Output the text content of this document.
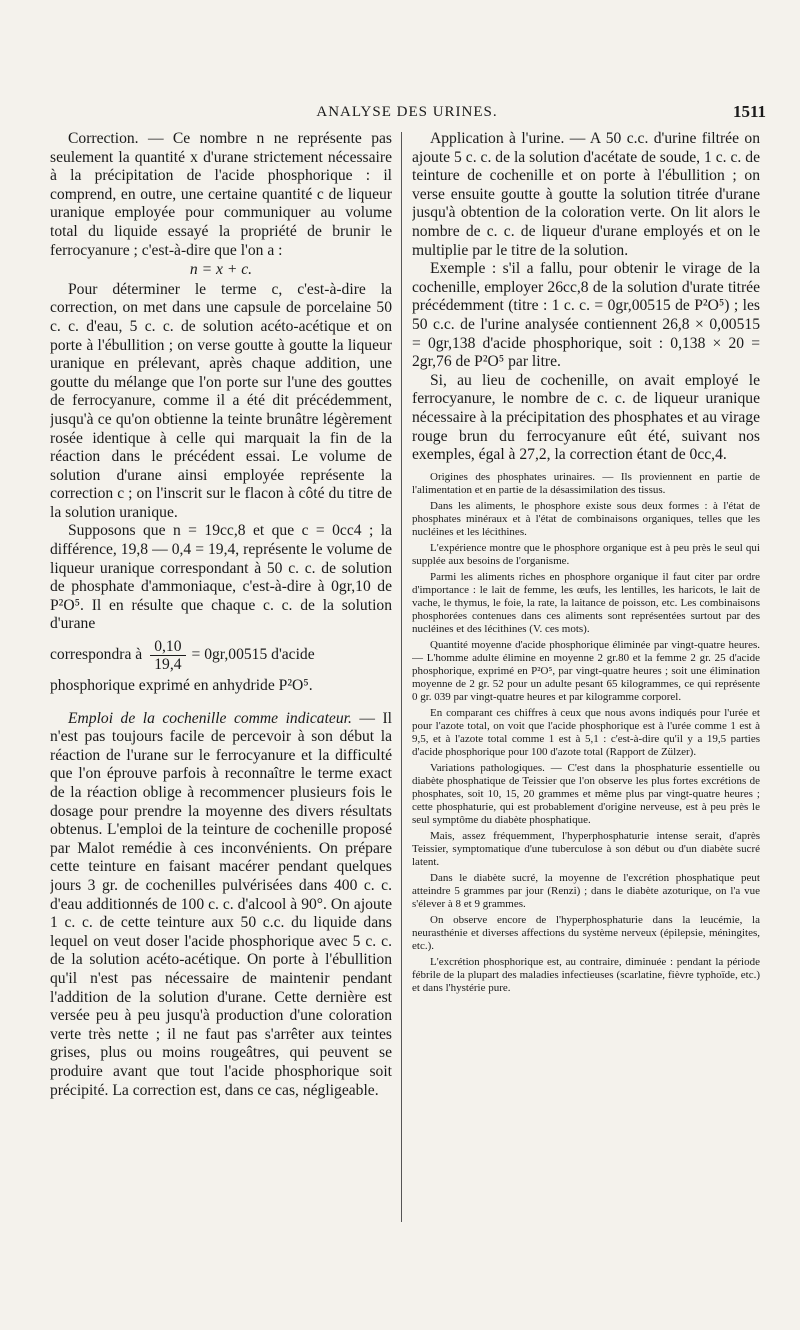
ANALYSE DES URINES.	1511

Correction. — Ce nombre n ne représente pas seulement la quantité x d'urane strictement nécessaire à la précipitation de l'acide phosphorique : il comprend, en outre, une certaine quantité c de liqueur uranique employée pour communiquer au volume total du liquide essayé la propriété de brunir le ferrocyanure ; c'est-à-dire que l'on a :

n = x + c.

Pour déterminer le terme c, c'est-à-dire la correction, on met dans une capsule de porcelaine 50 c. c. d'eau, 5 c. c. de solution acéto-acétique et on porte à l'ébullition ; on verse goutte à goutte la liqueur uranique en prélevant, après chaque addition, une goutte du mélange que l'on porte sur l'une des gouttes de ferrocyanure, comme il a été dit précédemment, jusqu'à ce qu'on obtienne la teinte brunâtre légèrement rosée identique à celle qui marquait la fin de la réaction dans le précédent essai. Le volume de solution d'urane ainsi employée représente la correction c ; on l'inscrit sur le flacon à côté du titre de la solution uranique.

Supposons que n = 19cc,8 et que c = 0cc4 ; la différence, 19,8 — 0,4 = 19,4, représente le volume de liqueur uranique correspondant à 50 c. c. de solution de phosphate d'ammoniaque, c'est-à-dire à 0gr,10 de P²O⁵. Il en résulte que chaque c. c. de la solution d'urane

correspondra à $\frac{0,10}{19,4} = 0gr,00515$ d'acide

phosphorique exprimé en anhydride P²O⁵.

Emploi de la cochenille comme indicateur. — Il n'est pas toujours facile de percevoir à son début la réaction de l'urane sur le ferrocyanure et la difficulté que l'on éprouve parfois à reconnaître le terme exact de la réaction oblige à recommencer plusieurs fois le dosage pour prendre la moyenne des divers résultats obtenus. L'emploi de la teinture de cochenille proposé par Malot remédie à ces inconvénients. On prépare cette teinture en faisant macérer pendant quelques jours 3 gr. de cochenilles pulvérisées dans 400 c. c. d'eau additionnés de 100 c. c. d'alcool à 90°. On ajoute 1 c. c. de cette teinture aux 50 c.c. du liquide dans lequel on veut doser l'acide phosphorique avec 5 c. c. de la solution acéto-acétique. On porte à l'ébullition qu'il n'est pas nécessaire de maintenir pendant l'addition de la solution d'urane. Cette dernière est versée peu à peu jusqu'à production d'une coloration verte très nette ; il ne faut pas s'arrêter aux teintes grises, plus ou moins rougeâtres, qui peuvent se produire avant que tout l'acide phosphorique soit précipité. La correction est, dans ce cas, négligeable.

Application à l'urine. — A 50 c.c. d'urine filtrée on ajoute 5 c. c. de la solution d'acétate de soude, 1 c. c. de teinture de cochenille et on porte à l'ébullition ; on verse ensuite goutte à goutte la solution titrée d'urane jusqu'à obtention de la coloration verte. On lit alors le nombre de c. c. de liqueur d'urane employés et on le multiplie par le titre de la solution.

Exemple : s'il a fallu, pour obtenir le virage de la cochenille, employer 26cc,8 de la solution d'urate titrée précédemment (titre : 1 c. c. = 0gr,00515 de P²O⁵) ; les 50 c.c. de l'urine analysée contiennent 26,8 × 0,00515 = 0gr,138 d'acide phosphorique, soit : 0,138 × 20 = 2gr,76 de P²O⁵ par litre.

Si, au lieu de cochenille, on avait employé le ferrocyanure, le nombre de c. c. de liqueur uranique nécessaire à la précipitation des phosphates et au virage rouge brun du ferrocyanure eût été, suivant nos exemples, égal à 27,2, la correction étant de 0cc,4.

Origines des phosphates urinaires. — Ils proviennent en partie de l'alimentation et en partie de la désassimilation des tissus.

Dans les aliments, le phosphore existe sous deux formes : à l'état de phosphates minéraux et à l'état de combinaisons organiques, telles que les nucléines et les lécithines.

L'expérience montre que le phosphore organique est à peu près le seul qui supplée aux besoins de l'organisme.

Parmi les aliments riches en phosphore organique il faut citer par ordre d'importance : le lait de femme, les œufs, les lentilles, les haricots, le lait de vache, le thymus, le foie, la rate, la laitance de poisson, etc. Les combinaisons phosphorées contenues dans ces aliments sont représentées surtout par des nucléines et des lécithines (V. ces mots).

Quantité moyenne d'acide phosphorique éliminée par vingt-quatre heures. — L'homme adulte élimine en moyenne 2 gr.80 et la femme 2 gr. 25 d'acide phosphorique, exprimé en P²O⁵, par vingt-quatre heures ; soit une élimination moyenne de 2 gr. 52 pour un adulte pesant 65 kilogrammes, ce qui représente 0 gr. 039 par vingt-quatre heures et par kilogramme corporel.

En comparant ces chiffres à ceux que nous avons indiqués pour l'urée et pour l'azote total, on voit que l'acide phosphorique est à l'urée comme 1 est à 9,5, et à l'azote total comme 1 est à 5,1 : c'est-à-dire qu'il y a 19,5 parties d'acide phosphorique pour 100 d'azote total (Rapport de Zülzer).

Variations pathologiques. — C'est dans la phosphaturie essentielle ou diabète phosphatique de Teissier que l'on observe les plus fortes excrétions de phosphates, soit 10, 15, 20 grammes et même plus par vingt-quatre heures ; cette phosphaturie, qui est probablement d'origine nerveuse, est à peu près le seul symptôme du diabète phosphatique.

Mais, assez fréquemment, l'hyperphosphaturie intense serait, d'après Teissier, symptomatique d'une tuberculose à son début ou d'un diabète sucré latent.

Dans le diabète sucré, la moyenne de l'excrétion phosphatique peut atteindre 5 grammes par jour (Renzi) ; dans le diabète azoturique, on l'a vue s'élever à 8 et 9 grammes.

On observe encore de l'hyperphosphaturie dans la leucémie, la neurasthénie et diverses affections du système nerveux (épilepsie, méningites, etc.).

L'excrétion phosphorique est, au contraire, diminuée : pendant la période fébrile de la plupart des maladies infectieuses (scarlatine, fièvre typhoïde, etc.) et dans l'hystérie pure.
